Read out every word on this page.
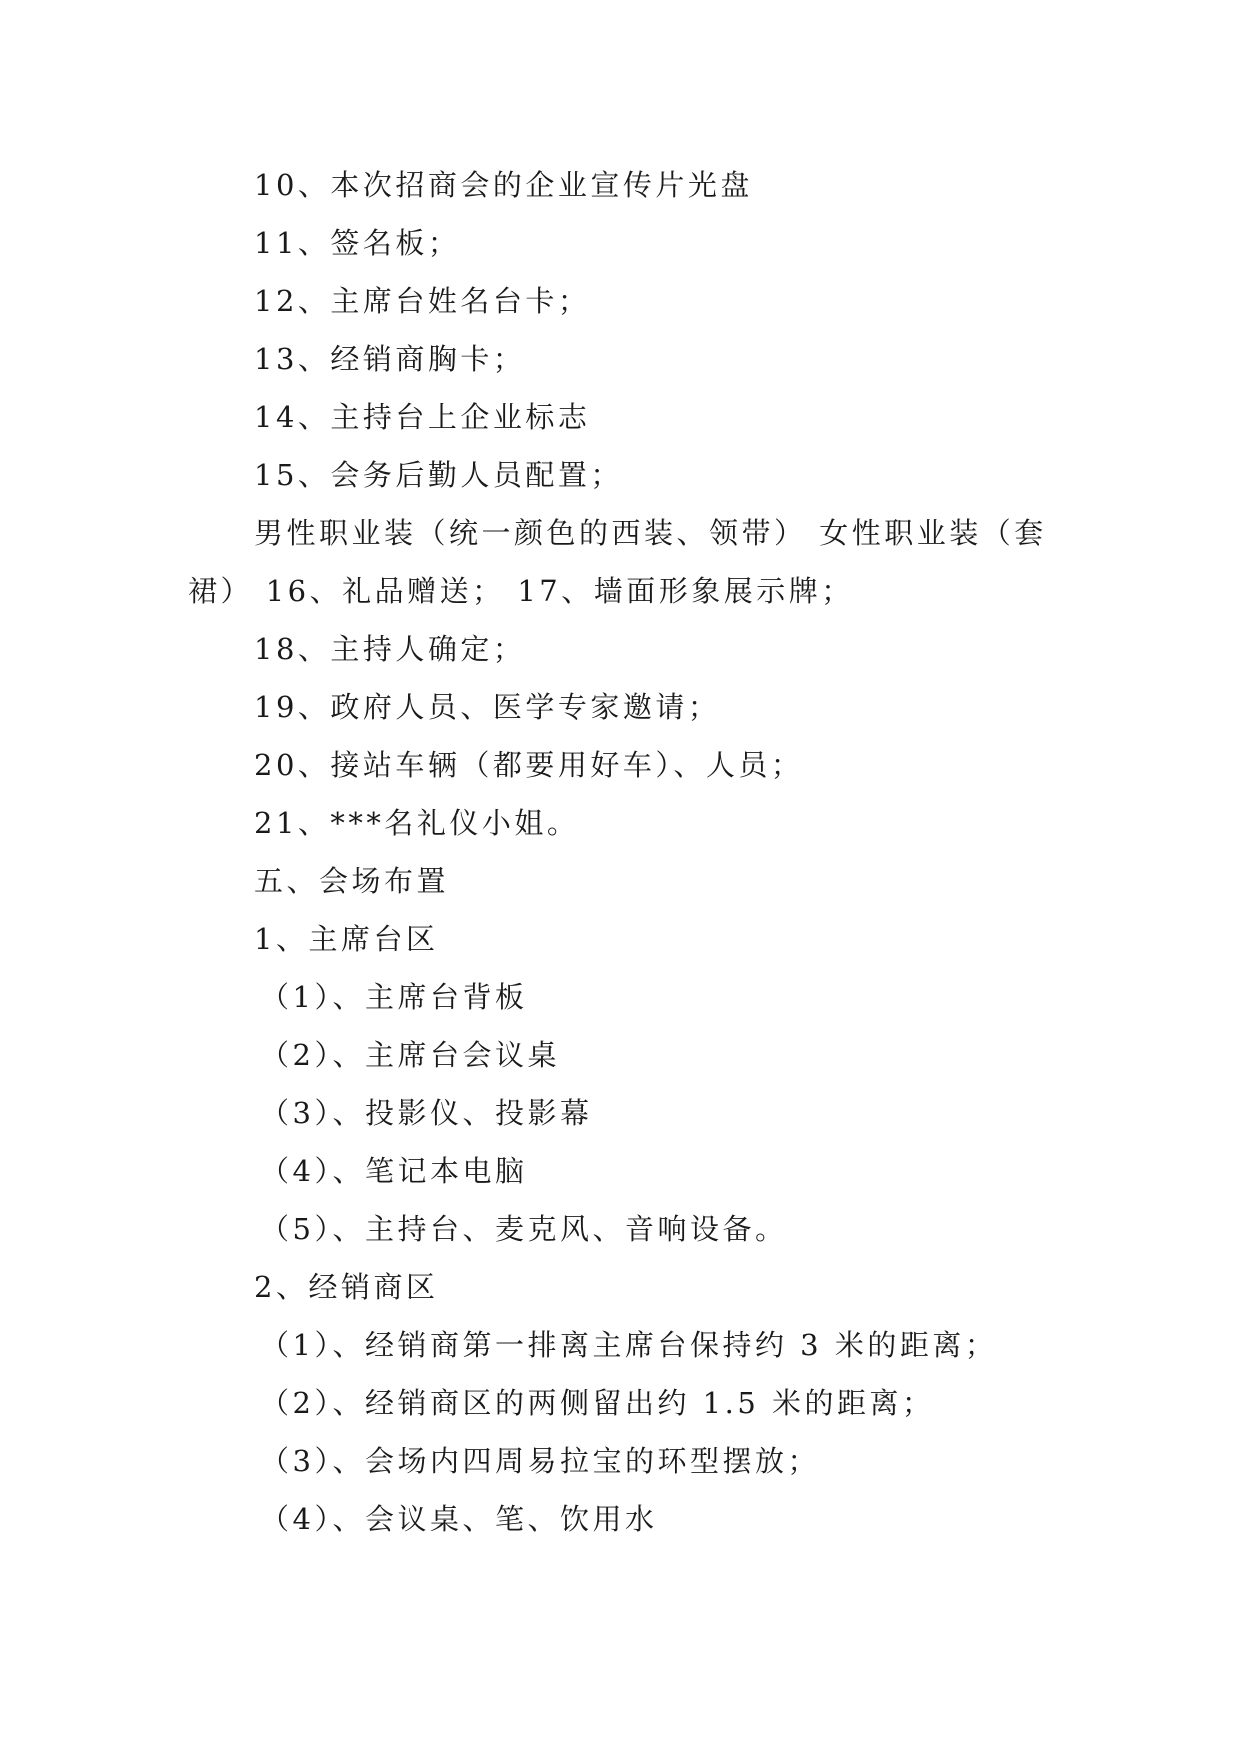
10、本次招商会的企业宣传片光盘
11、签名板；
12、主席台姓名台卡；
13、经销商胸卡；
14、主持台上企业标志
15、会务后勤人员配置；
男性职业装（统一颜色的西装、领带） 女性职业装（套
裙） 16、礼品赠送； 17、墙面形象展示牌；
18、主持人确定；
19、政府人员、医学专家邀请；
20、接站车辆（都要用好车）、人员；
21、***名礼仪小姐。
五、会场布置
1、主席台区
（1）、主席台背板
（2）、主席台会议桌
（3）、投影仪、投影幕
（4）、笔记本电脑
（5）、主持台、麦克风、音响设备。
2、经销商区
（1）、经销商第一排离主席台保持约 3 米的距离；
（2）、经销商区的两侧留出约 1.5 米的距离；
（3）、会场内四周易拉宝的环型摆放；
（4）、会议桌、笔、饮用水
